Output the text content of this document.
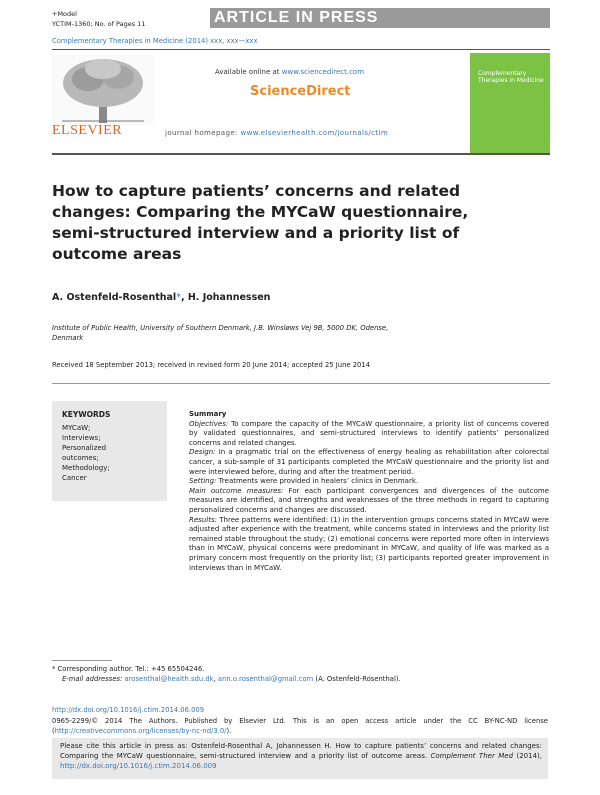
+Model
YCTIM-1360; No. of Pages 11	ARTICLE IN PRESS
Complementary Therapies in Medicine (2014) xxx, xxx—xxx
ELSEVIER
Available online at www.sciencedirect.com
ScienceDirect
journal homepage: www.elsevierhealth.com/journals/ctim
Complementary Therapies in Medicine
How to capture patients’ concerns and related changes: Comparing the MYCaW questionnaire, semi-structured interview and a priority list of outcome areas
A. Ostenfeld-Rosenthal*, H. Johannessen
Institute of Public Health, University of Southern Denmark, J.B. Winsløws Vej 9B, 5000 DK, Odense, Denmark
Received 18 September 2013; received in revised form 20 June 2014; accepted 25 June 2014
KEYWORDS
MYCaW;
Interviews;
Personalized
outcomes;
Methodology;
Cancer
Summary
Objectives: To compare the capacity of the MYCaW questionnaire, a priority list of concerns covered by validated questionnaires, and semi-structured interviews to identify patients’ personalized concerns and related changes.
Design: In a pragmatic trial on the effectiveness of energy healing as rehabilitation after colorectal cancer, a sub-sample of 31 participants completed the MYCaW questionnaire and the priority list and were interviewed before, during and after the treatment period.
Setting: Treatments were provided in healers’ clinics in Denmark.
Main outcome measures: For each participant convergences and divergences of the outcome measures are identified, and strengths and weaknesses of the three methods in regard to capturing personalized concerns and changes are discussed.
Results: Three patterns were identified: (1) in the intervention groups concerns stated in MYCaW were adjusted after experience with the treatment, while concerns stated in interviews and the priority list remained stable throughout the study; (2) emotional concerns were reported more often in interviews than in MYCaW, physical concerns were predominant in MYCaW, and quality of life was marked as a primary concern most frequently on the priority list; (3) participants reported greater improvement in interviews than in MYCaW.
* Corresponding author. Tel.: +45 65504246.
E-mail addresses: arosenthal@health.sdu.dk, ann.o.rosenthal@gmail.com (A. Ostenfeld-Rosenthal).
http://dx.doi.org/10.1016/j.ctim.2014.06.009
0965-2299/© 2014 The Authors. Published by Elsevier Ltd. This is an open access article under the CC BY-NC-ND license (http://creativecommons.org/licenses/by-nc-nd/3.0/).
Please cite this article in press as: Ostenfeld-Rosenthal A, Johannessen H. How to capture patients’ concerns and related changes: Comparing the MYCaW questionnaire, semi-structured interview and a priority list of outcome areas. Complement Ther Med (2014), http://dx.doi.org/10.1016/j.ctim.2014.06.009
